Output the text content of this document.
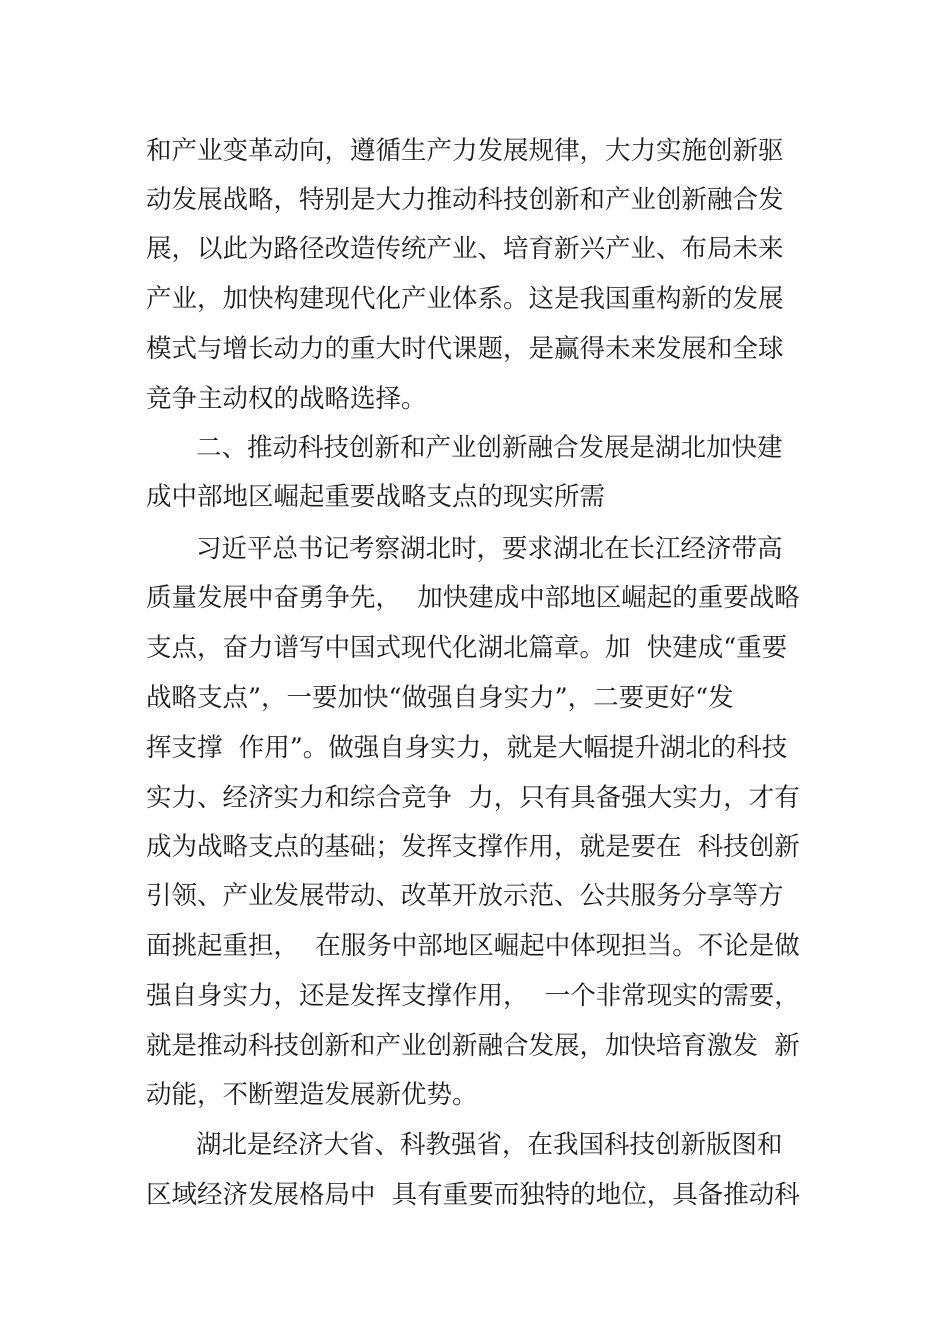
和产业变革动向，遵循生产力发展规律，大力实施创新驱
动发展战略，特别是大力推动科技创新和产业创新融合发
展，以此为路径改造传统产业、培育新兴产业、布局未来
产业，加快构建现代化产业体系。这是我国重构新的发展
模式与增长动力的重大时代课题，是赢得未来发展和全球
竞争主动权的战略选择。
二、推动科技创新和产业创新融合发展是湖北加快建
成中部地区崛起重要战略支点的现实所需
习近平总书记考察湖北时，要求湖北在长江经济带高
质量发展中奋勇争先，  加快建成中部地区崛起的重要战略
支点，奋力谱写中国式现代化湖北篇章。加  快建成“重要
战略支点”，一要加快“做强自身实力”，二要更好“发
挥支撑  作用”。做强自身实力，就是大幅提升湖北的科技
实力、经济实力和综合竞争  力，只有具备强大实力，才有
成为战略支点的基础；发挥支撑作用，就是要在  科技创新
引领、产业发展带动、改革开放示范、公共服务分享等方
面挑起重担，  在服务中部地区崛起中体现担当。不论是做
强自身实力，还是发挥支撑作用，  一个非常现实的需要，
就是推动科技创新和产业创新融合发展，加快培育激发  新
动能，不断塑造发展新优势。
湖北是经济大省、科教强省，在我国科技创新版图和
区域经济发展格局中  具有重要而独特的地位，具备推动科
